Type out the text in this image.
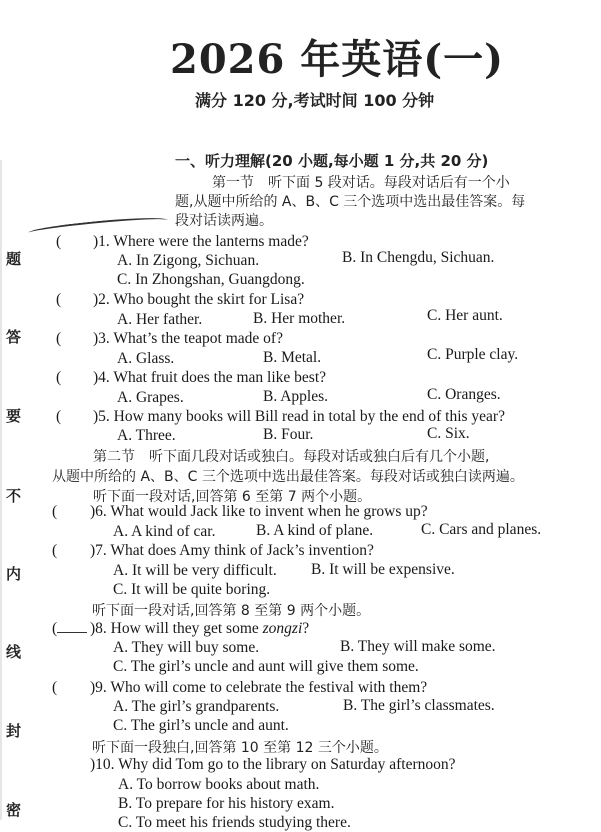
题
答
要
不
内
线
封
密
2026 年英语(一)
满分 120 分,考试时间 100 分钟
一、听力理解(20 小题,每小题 1 分,共 20 分)
第一节　听下面 5 段对话。每段对话后有一个小
题,从题中所给的 A、B、C 三个选项中选出最佳答案。每
段对话读两遍。
( )1. Where were the lanterns made?
A. In Zigong, Sichuan.	B. In Chengdu, Sichuan.
C. In Zhongshan, Guangdong.
( )2. Who bought the skirt for Lisa?
A. Her father.	B. Her mother.	C. Her aunt.
( )3. What’s the teapot made of?
A. Glass.	B. Metal.	C. Purple clay.
( )4. What fruit does the man like best?
A. Grapes.	B. Apples.	C. Oranges.
( )5. How many books will Bill read in total by the end of this year?
A. Three.	B. Four.	C. Six.
第二节　听下面几段对话或独白。每段对话或独白后有几个小题,
从题中所给的 A、B、C 三个选项中选出最佳答案。每段对话或独白读两遍。
听下面一段对话,回答第 6 至第 7 两个小题。
( )6. What would Jack like to invent when he grows up?
A. A kind of car.	B. A kind of plane.	C. Cars and planes.
( )7. What does Amy think of Jack’s invention?
A. It will be very difficult. B. It will be expensive.
C. It will be quite boring.
听下面一段对话,回答第 8 至第 9 两个小题。
(	)8. How will they get some zongzi?
A. They will buy some.	B. They will make some.
C. The girl’s uncle and aunt will give them some.
( )9. Who will come to celebrate the festival with them?
A. The girl’s grandparents.	B. The girl’s classmates.
C. The girl’s uncle and aunt.
听下面一段独白,回答第 10 至第 12 三个小题。
)10. Why did Tom go to the library on Saturday afternoon?
A. To borrow books about math.
B. To prepare for his history exam.
C. To meet his friends studying there.
